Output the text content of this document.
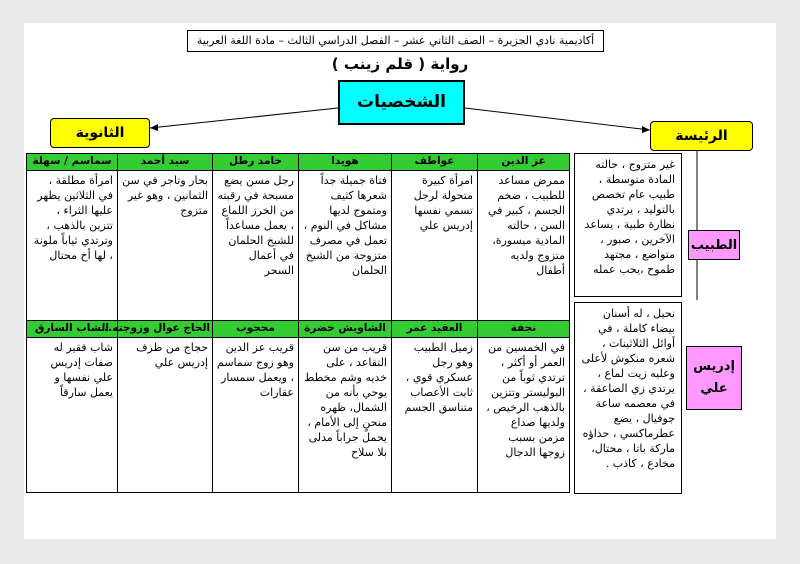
أكاديمية نادي الجزيرة – الصف الثاني عشر – الفصل الدراسي الثالث – مادة اللغة العربية
رواية ( قلم زينب )
الشخصيات
الثانوية	الرئيسة
غير متزوج ، حالته المادة متوسطة ، طبيب عام تخصص بالتوليد ، يرتدي نظارة طبية ، يساعد الآخرين ، صبور ، متواضع ، مجتهد طموح ،يحب عمله
الطبيب
نحيل ، له أسنان بيضاء كاملة ، في أوائل الثلاثينات ، شعره منكوش لأعلى وعليه زيت لماع ، يرتدي زي الصاعقة ، في معصمه ساعة جوفيال ، يضع عطرماكسي ، حذاؤه ماركة باتا ، محتال، مخادع ، كاذب .
إدريس علي
عز الدين	عواطف	هويدا	حامد رطل	سيد أحمد	سماسم / سهلة
ممرض مساعد للطبيب ، ضخم الجسم ، كبير في السن ، حالته المادية ميسورة، متزوج ولديه أطفال	امرأة كبيرة متحولة لرجل تسمي نفسها إدريس علي	فتاة جميلة جداً شعرها كثيف ومتموج لديها مشاكل في النوم ، تعمل في مصرف متزوجة من الشيخ الحلمان	رجل مسن يضع مسبحة في رقبته من الخرز اللماع ، يعمل مساعداً للشيخ الحلمان في أعمال السحر	بحار وتاجر في سن الثمانين ، وهو غير متزوج	امرأة مطلقة ، في الثلاثين يظهر عليها الثراء ، تتزين بالذهب ، وترتدي ثياباً ملونة ، لها أخ محتال
نجفة	العقيد عمر	الشاويش خضرة	محجوب	الحاج عوال وزوجته..	الشاب السارق
في الخمسين من العمر أو أكثر ، ترتدي ثوباً من البوليستر وتتزين بالذهب الرخيص ، ولديها صداع مزمن بسبب زوجها الدجال	زميل الطبيب وهو رجل عسكري قوي ، ثابت الأعصاب متناسق الجسم	قريب من سن التقاعد ، على خديه وشم مخطط يوحي بأنه من الشمال، ظهره منحنٍ إلى الأمام ، يحمل جراباً مدلى بلا سلاح	قريب عز الدين وهو زوج سماسم ، ويعمل سمسار عقارات	حجاج من طرف إدريس علي	شاب فقير له صفات إدريس علي نفسها و يعمل سارقاً
